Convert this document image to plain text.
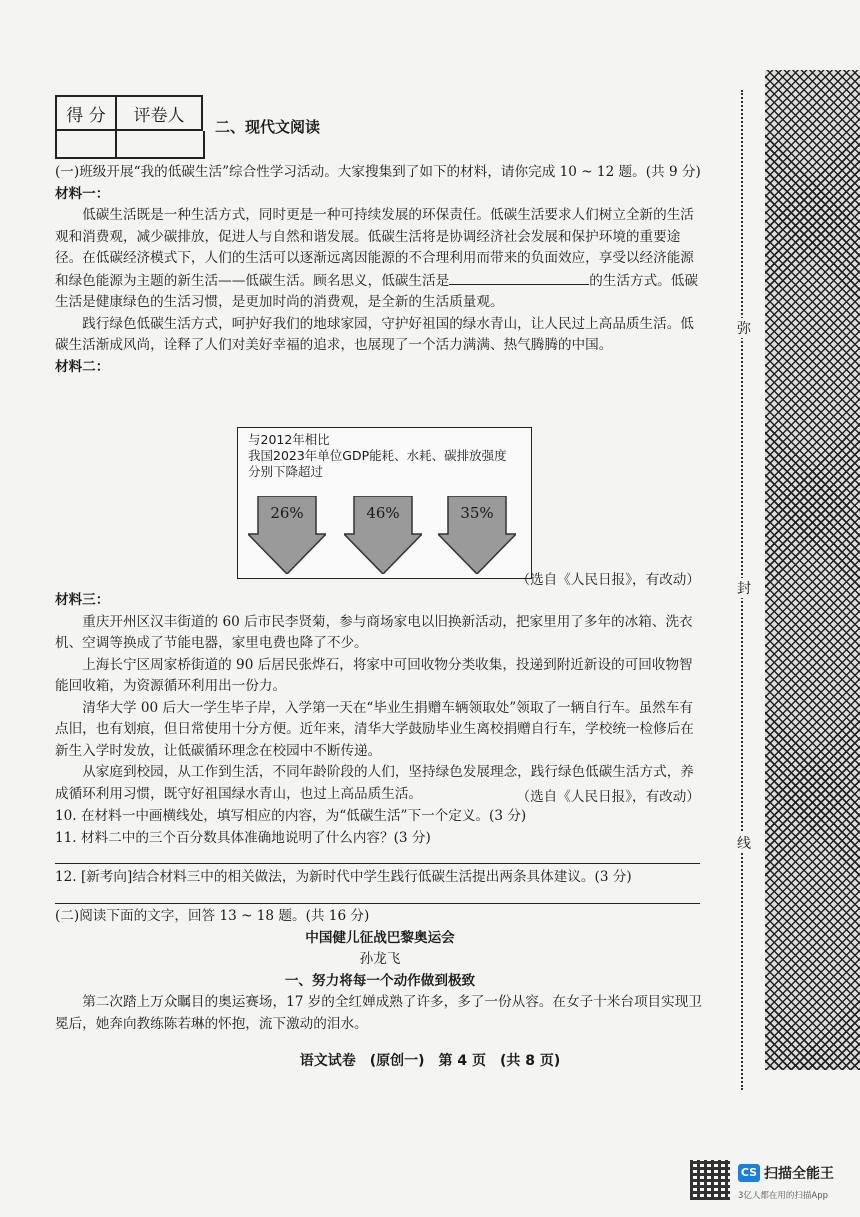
得 分	评卷人
二、现代文阅读

(一)班级开展“我的低碳生活”综合性学习活动。大家搜集到了如下的材料，请你完成 10 ~ 12 题。(共 9 分)

材料一：

低碳生活既是一种生活方式，同时更是一种可持续发展的环保责任。低碳生活要求人们树立全新的生活观和消费观，减少碳排放，促进人与自然和谐发展。低碳生活将是协调经济社会发展和保护环境的重要途径。在低碳经济模式下，人们的生活可以逐渐远离因能源的不合理利用而带来的负面效应，享受以经济能源和绿色能源为主题的新生活——低碳生活。顾名思义，低碳生活是	的生活方式。低碳生活是健康绿色的生活习惯，是更加时尚的消费观，是全新的生活质量观。

践行绿色低碳生活方式，呵护好我们的地球家园，守护好祖国的绿水青山，让人民过上高品质生活。低碳生活渐成风尚，诠释了人们对美好幸福的追求，也展现了一个活力满满、热气腾腾的中国。

材料二：

与2012年相比
我国2023年单位GDP能耗、水耗、碳排放强度
分别下降超过
26%	46%	35%
（选自《人民日报》，有改动）

材料三：

重庆开州区汉丰街道的 60 后市民李贤菊，参与商场家电以旧换新活动，把家里用了多年的冰箱、洗衣机、空调等换成了节能电器，家里电费也降了不少。

上海长宁区周家桥街道的 90 后居民张烨石，将家中可回收物分类收集，投递到附近新设的可回收物智能回收箱，为资源循环利用出一份力。

清华大学 00 后大一学生毕子岸，入学第一天在“毕业生捐赠车辆领取处”领取了一辆自行车。虽然车有点旧，也有划痕，但日常使用十分方便。近年来，清华大学鼓励毕业生离校捐赠自行车，学校统一检修后在新生入学时发放，让低碳循环理念在校园中不断传递。

从家庭到校园，从工作到生活，不同年龄阶段的人们，坚持绿色发展理念，践行绿色低碳生活方式，养成循环利用习惯，既守好祖国绿水青山，也过上高品质生活。	（选自《人民日报》，有改动）

10. 在材料一中画横线处，填写相应的内容，为“低碳生活”下一个定义。(3 分)

11. 材料二中的三个百分数具体准确地说明了什么内容？(3 分)

12. [新考向]结合材料三中的相关做法，为新时代中学生践行低碳生活提出两条具体建议。(3 分)

(二)阅读下面的文字，回答 13 ~ 18 题。(共 16 分)

中国健儿征战巴黎奥运会

孙龙飞

一、努力将每一个动作做到极致

第二次踏上万众瞩目的奥运赛场，17 岁的全红婵成熟了许多，多了一份从容。在女子十米台项目实现卫冕后，她奔向教练陈若琳的怀抱，流下激动的泪水。

语文试卷　(原创一)　第 4 页　(共 8 页)
弥
封
线
CS 扫描全能王
3亿人都在用的扫描App
